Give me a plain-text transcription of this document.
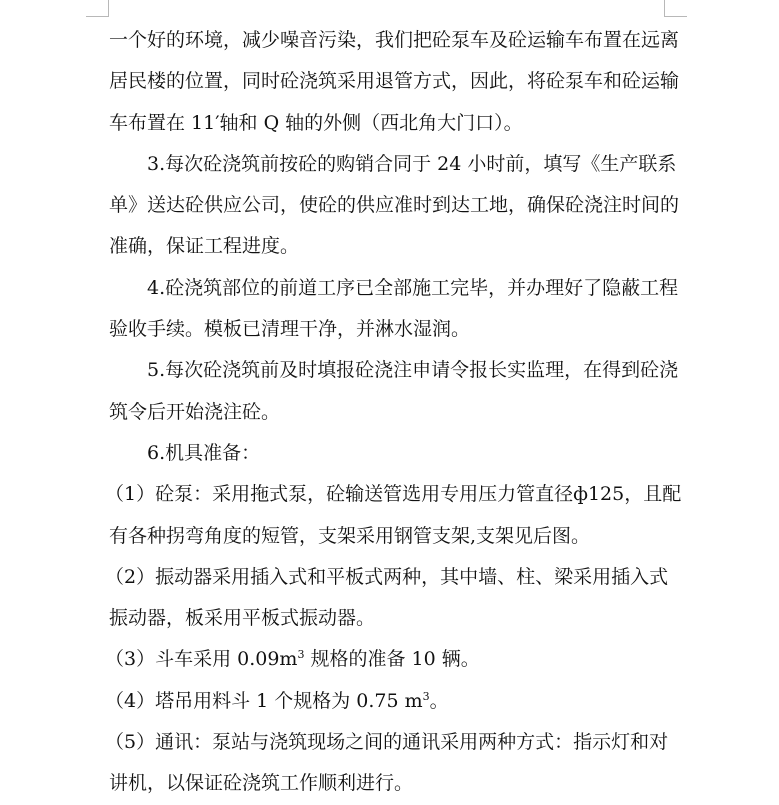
一个好的环境，减少噪音污染，我们把砼泵车及砼运输车布置在远离
居民楼的位置，同时砼浇筑采用退管方式，因此，将砼泵车和砼运输
车布置在 11′轴和 Q 轴的外侧（西北角大门口）。
3.每次砼浇筑前按砼的购销合同于 24 小时前，填写《生产联系
单》送达砼供应公司，使砼的供应准时到达工地，确保砼浇注时间的
准确，保证工程进度。
4.砼浇筑部位的前道工序已全部施工完毕，并办理好了隐蔽工程
验收手续。模板已清理干净，并淋水湿润。
5.每次砼浇筑前及时填报砼浇注申请令报长实监理，在得到砼浇
筑令后开始浇注砼。
6.机具准备：
（1）砼泵：采用拖式泵，砼输送管选用专用压力管直径ф125，且配
有各种拐弯角度的短管，支架采用钢管支架,支架见后图。
（2）振动器采用插入式和平板式两种，其中墙、柱、梁采用插入式
振动器，板采用平板式振动器。
（3）斗车采用 $0.09m^3$ 规格的准备 10 辆。
（4）塔吊用料斗 1 个规格为 0.75 $m^3$。
（5）通讯：泵站与浇筑现场之间的通讯采用两种方式：指示灯和对
讲机，以保证砼浇筑工作顺利进行。
